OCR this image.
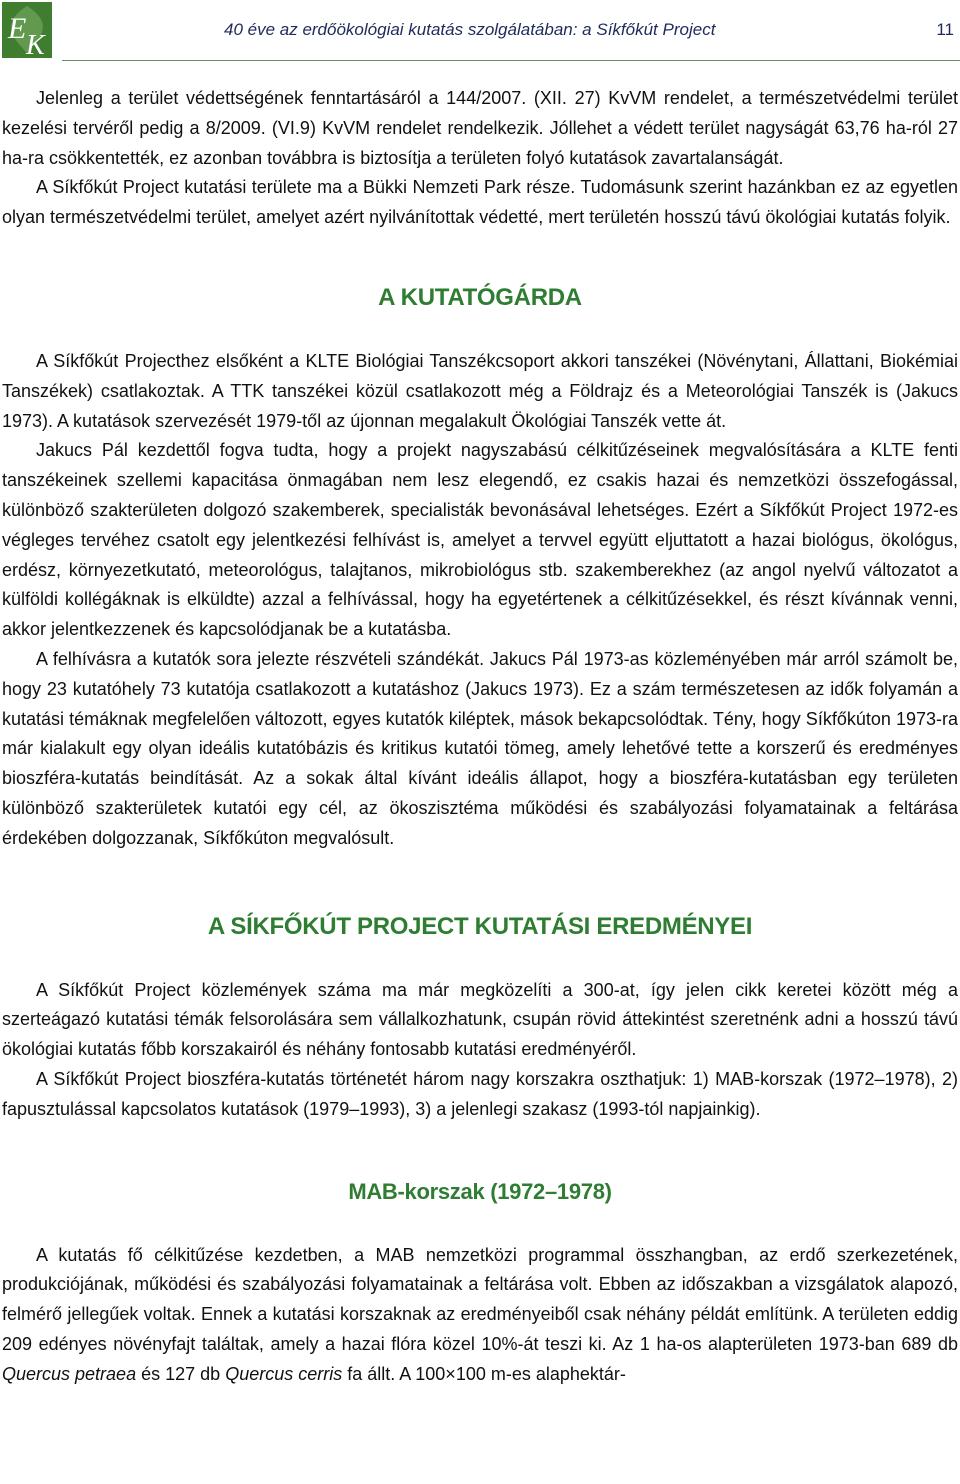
E
K
40 éve az erdőökológiai kutatás szolgálatában: a Síkfőkút Project	11

Jelenleg a terület védettségének fenntartásáról a 144/2007. (XII. 27) KvVM rendelet, a természetvédelmi terület kezelési tervéről pedig a 8/2009. (VI.9) KvVM rendelet rendelkezik. Jóllehet a védett terület nagyságát 63,76 ha-ról 27 ha-ra csökkentették, ez azonban továbbra is biztosítja a területen folyó kutatások zavartalanságát.

A Síkfőkút Project kutatási területe ma a Bükki Nemzeti Park része. Tudomásunk szerint hazánkban ez az egyetlen olyan természetvédelmi terület, amelyet azért nyilvánítottak védetté, mert területén hosszú távú ökológiai kutatás folyik.

A KUTATÓGÁRDA

A Síkfőkút Projecthez elsőként a KLTE Biológiai Tanszékcsoport akkori tanszékei (Növénytani, Állattani, Biokémiai Tanszékek) csatlakoztak. A TTK tanszékei közül csatlakozott még a Földrajz és a Meteorológiai Tanszék is (Jakucs 1973). A kutatások szervezését 1979-től az újonnan megalakult Ökológiai Tanszék vette át.

Jakucs Pál kezdettől fogva tudta, hogy a projekt nagyszabású célkitűzéseinek megvalósítására a KLTE fenti tanszékeinek szellemi kapacitása önmagában nem lesz elegendő, ez csakis hazai és nemzetközi összefogással, különböző szakterületen dolgozó szakemberek, specialisták bevonásával lehetséges. Ezért a Síkfőkút Project 1972-es végleges tervéhez csatolt egy jelentkezési felhívást is, amelyet a tervvel együtt eljuttatott a hazai biológus, ökológus, erdész, környezetkutató, meteorológus, talajtanos, mikrobiológus stb. szakemberekhez (az angol nyelvű változatot a külföldi kollégáknak is elküldte) azzal a felhívással, hogy ha egyetértenek a célkitűzésekkel, és részt kívánnak venni, akkor jelentkezzenek és kapcsolódjanak be a kutatásba.

A felhívásra a kutatók sora jelezte részvételi szándékát. Jakucs Pál 1973-as közleményében már arról számolt be, hogy 23 kutatóhely 73 kutatója csatlakozott a kutatáshoz (Jakucs 1973). Ez a szám természetesen az idők folyamán a kutatási témáknak megfelelően változott, egyes kutatók kiléptek, mások bekapcsolódtak. Tény, hogy Síkfőkúton 1973-ra már kialakult egy olyan ideális kutatóbázis és kritikus kutatói tömeg, amely lehetővé tette a korszerű és eredményes bioszféra-kutatás beindítását. Az a sokak által kívánt ideális állapot, hogy a bioszféra-kutatásban egy területen különböző szakterületek kutatói egy cél, az ökoszisztéma működési és szabályozási folyamatainak a feltárása érdekében dolgozzanak, Síkfőkúton megvalósult.

A SÍKFŐKÚT PROJECT KUTATÁSI EREDMÉNYEI

A Síkfőkút Project közlemények száma ma már megközelíti a 300-at, így jelen cikk keretei között még a szerteágazó kutatási témák felsorolására sem vállalkozhatunk, csupán rövid áttekintést szeretnénk adni a hosszú távú ökológiai kutatás főbb korszakairól és néhány fontosabb kutatási eredményéről.

A Síkfőkút Project bioszféra-kutatás történetét három nagy korszakra oszthatjuk: 1) MAB-korszak (1972–1978), 2) fapusztulással kapcsolatos kutatások (1979–1993), 3) a jelenlegi szakasz (1993-tól napjainkig).

MAB-korszak (1972–1978)

A kutatás fő célkitűzése kezdetben, a MAB nemzetközi programmal összhangban, az erdő szerkezetének, produkciójának, működési és szabályozási folyamatainak a feltárása volt. Ebben az időszakban a vizsgálatok alapozó, felmérő jellegűek voltak. Ennek a kutatási korszaknak az eredményeiből csak néhány példát említünk. A területen eddig 209 edényes növényfajt találtak, amely a hazai flóra közel 10%-át teszi ki. Az 1 ha-os alapterületen 1973-ban 689 db Quercus petraea és 127 db Quercus cerris fa állt. A 100×100 m-es alaphektár-
